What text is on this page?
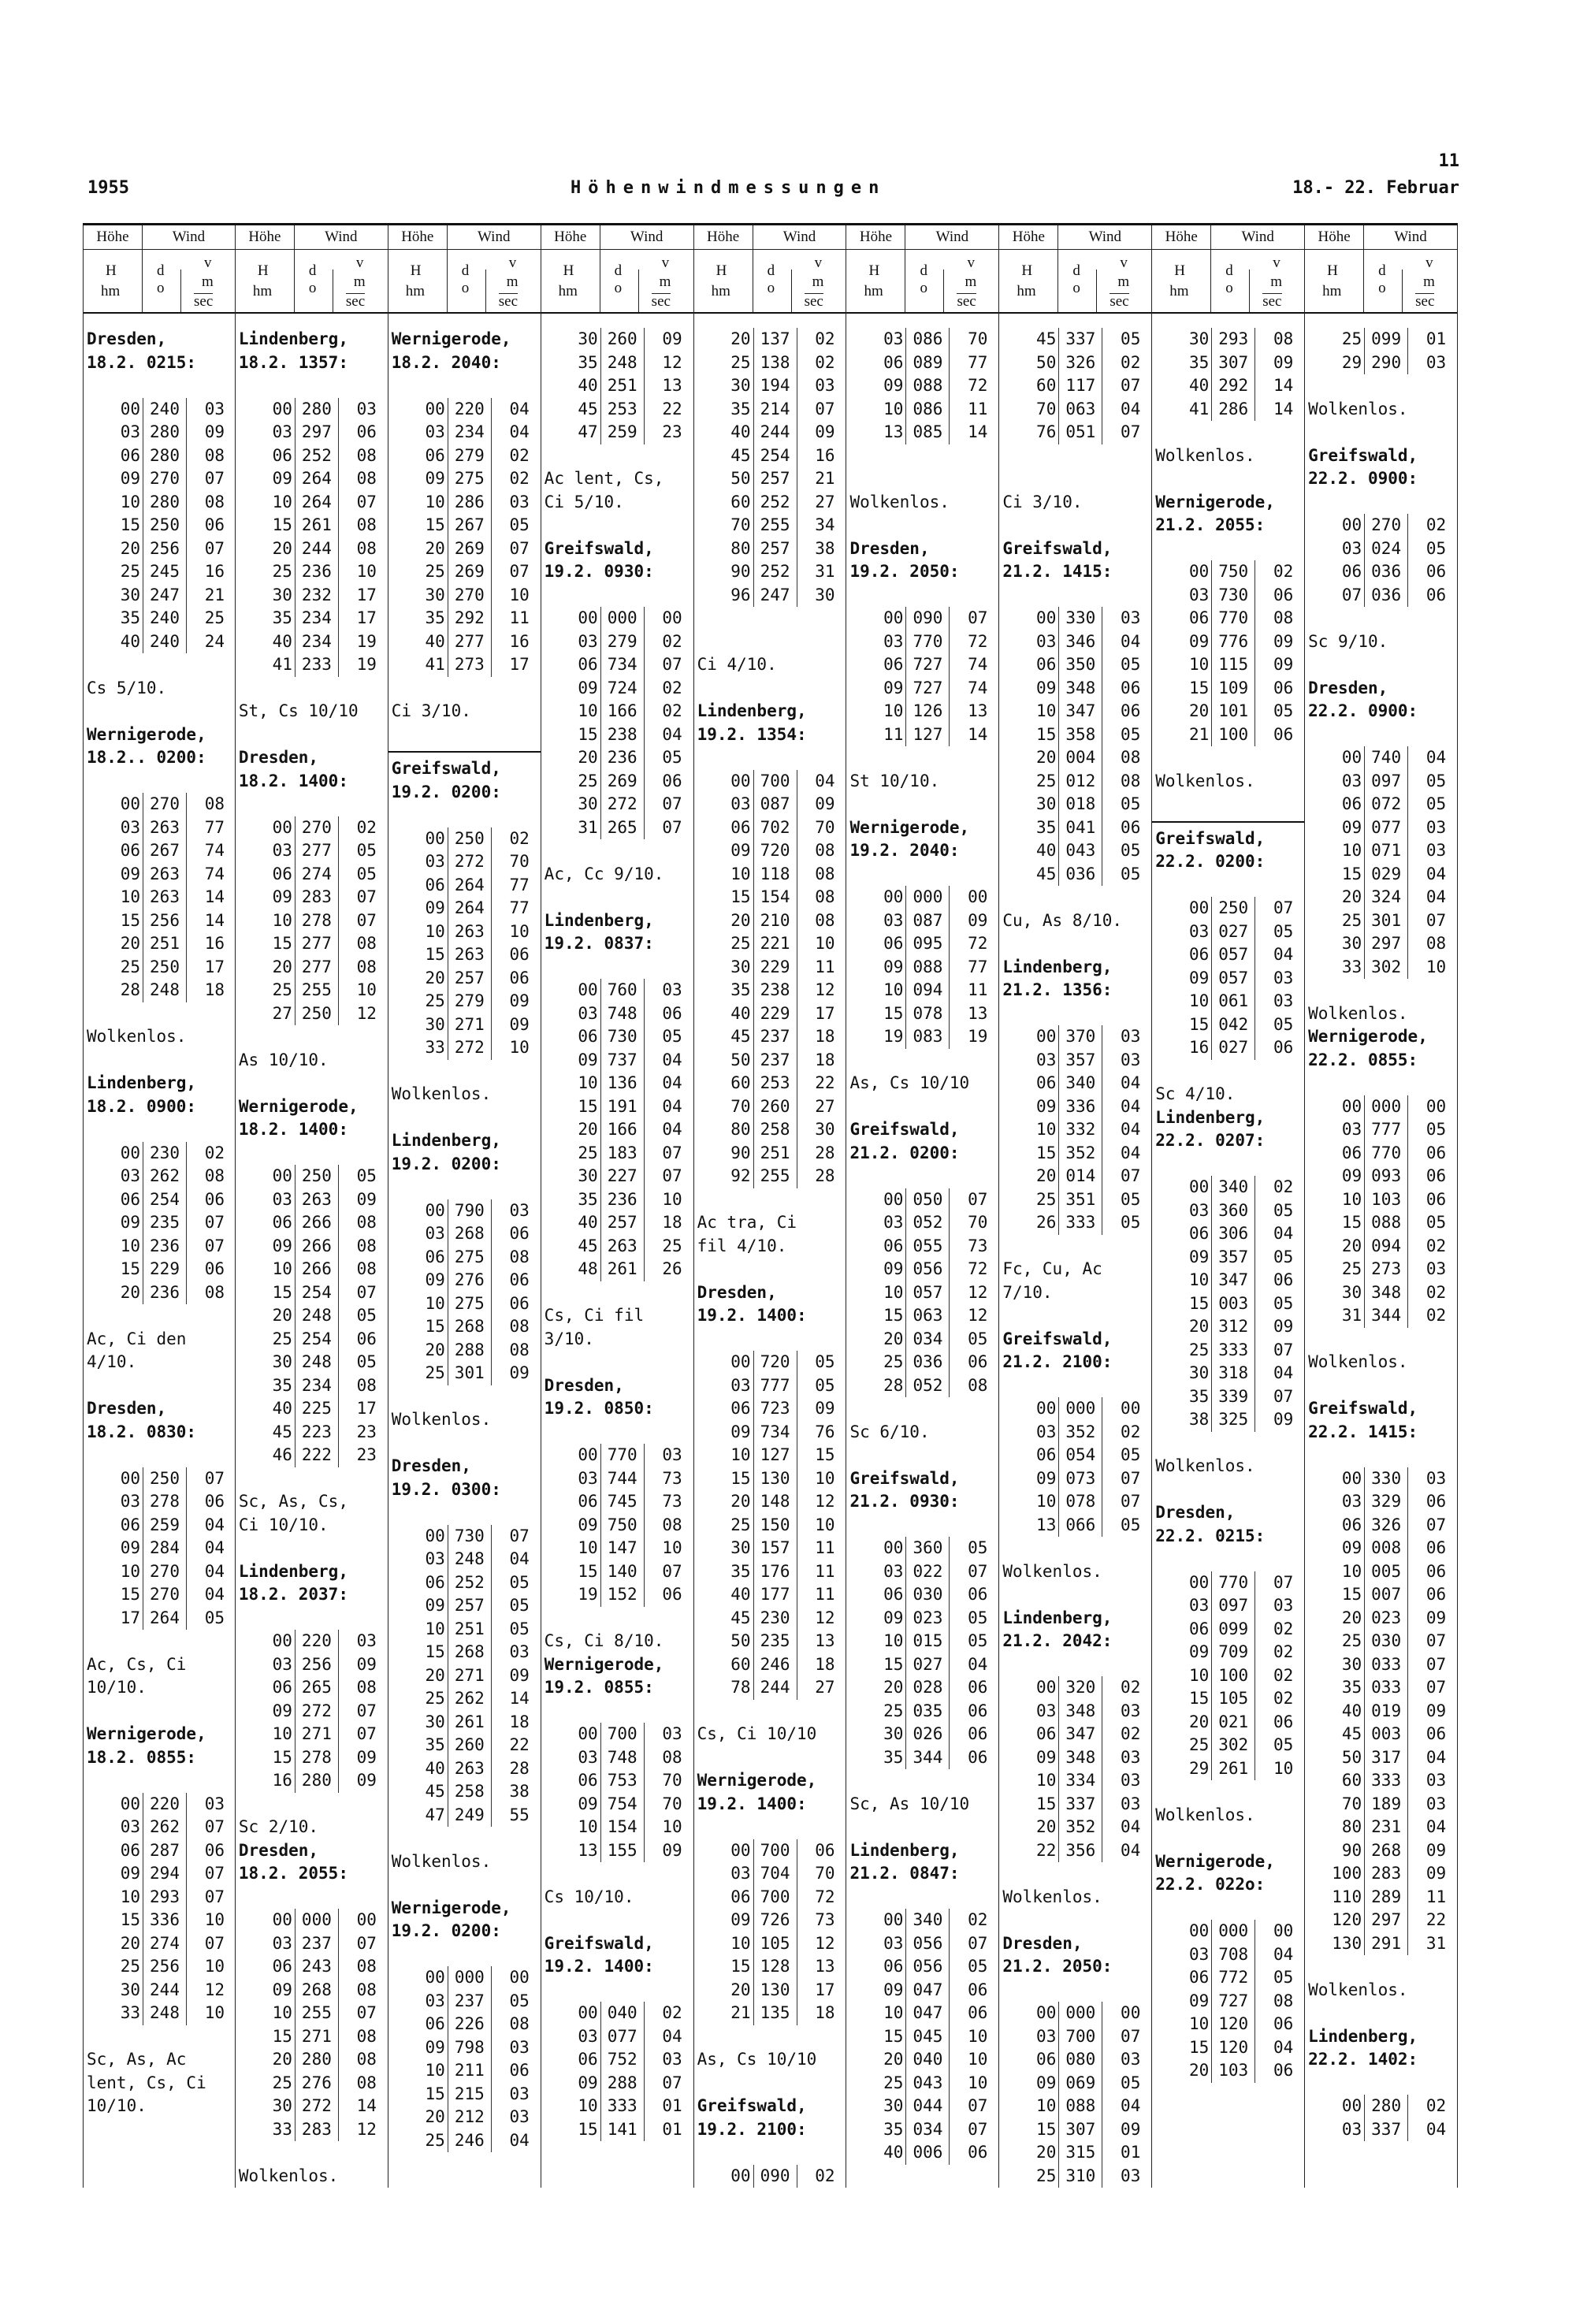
11
1955	Höhenwindmessungen	18.- 22. Februar
Höhe	Wind
H
hm
d
o
v
m
sec
Dresden,
18.2. 0215:
00 240	03
03 280	09
06 280	08
09 270	07
10 280	08
15 250	06
20 256	07
25 245	16
30 247	21
35 240	25
40 240	24
Cs 5/10.
Wernigerode,
18.2.. 0200:
00 270	08
03 263	77
06 267	74
09 263	74
10 263	14
15 256	14
20 251	16
25 250	17
28 248	18
Wolkenlos.
Lindenberg,
18.2. 0900:
00 230	02
03 262	08
06 254	06
09 235	07
10 236	07
15 229	06
20 236	08
Ac, Ci den
4/10.
Dresden,
18.2. 0830:
00 250	07
03 278	06
06 259	04
09 284	04
10 270	04
15 270	04
17 264	05
Ac, Cs, Ci
10/10.
Wernigerode,
18.2. 0855:
00 220	03
03 262	07
06 287	06
09 294	07
10 293	07
15 336	10
20 274	07
25 256	10
30 244	12
33 248	10
Sc, As, Ac
lent, Cs, Ci
10/10.
Höhe	Wind
H
hm
d
o
v
m
sec
Lindenberg,
18.2. 1357:
00 280	03
03 297	06
06 252	08
09 264	08
10 264	07
15 261	08
20 244	08
25 236	10
30 232	17
35 234	17
40 234	19
41 233	19
St, Cs 10/10
Dresden,
18.2. 1400:
00 270	02
03 277	05
06 274	05
09 283	07
10 278	07
15 277	08
20 277	08
25 255	10
27 250	12
As 10/10.
Wernigerode,
18.2. 1400:
00 250	05
03 263	09
06 266	08
09 266	08
10 266	08
15 254	07
20 248	05
25 254	06
30 248	05
35 234	08
40 225	17
45 223	23
46 222	23
Sc, As, Cs,
Ci 10/10.
Lindenberg,
18.2. 2037:
00 220	03
03 256	09
06 265	08
09 272	07
10 271	07
15 278	09
16 280	09
Sc 2/10.
Dresden,
18.2. 2055:
00 000	00
03 237	07
06 243	08
09 268	08
10 255	07
15 271	08
20 280	08
25 276	08
30 272	14
33 283	12
Wolkenlos.
Höhe	Wind
H
hm
d
o
v
m
sec
Wernigerode,
18.2. 2040:
00 220	04
03 234	04
06 279	02
09 275	02
10 286	03
15 267	05
20 269	07
25 269	07
30 270	10
35 292	11
40 277	16
41 273	17
Ci 3/10.
Greifswald,
19.2. 0200:
00 250	02
03 272	70
06 264	77
09 264	77
10 263	10
15 263	06
20 257	06
25 279	09
30 271	09
33 272	10
Wolkenlos.
Lindenberg,
19.2. 0200:
00 790	03
03 268	06
06 275	08
09 276	06
10 275	06
15 268	08
20 288	08
25 301	09
Wolkenlos.
Dresden,
19.2. 0300:
00 730	07
03 248	04
06 252	05
09 257	05
10 251	05
15 268	03
20 271	09
25 262	14
30 261	18
35 260	22
40 263	28
45 258	38
47 249	55
Wolkenlos.
Wernigerode,
19.2. 0200:
00 000	00
03 237	05
06 226	08
09 798	03
10 211	06
15 215	03
20 212	03
25 246	04
Höhe	Wind
H
hm
d
o
v
m
sec
30 260	09
35 248	12
40 251	13
45 253	22
47 259	23
Ac lent, Cs,
Ci 5/10.
Greifswald,
19.2. 0930:
00 000	00
03 279	02
06 734	07
09 724	02
10 166	02
15 238	04
20 236	05
25 269	06
30 272	07
31 265	07
Ac, Cc 9/10.
Lindenberg,
19.2. 0837:
00 760	03
03 748	06
06 730	05
09 737	04
10 136	04
15 191	04
20 166	04
25 183	07
30 227	07
35 236	10
40 257	18
45 263	25
48 261	26
Cs, Ci fil
3/10.
Dresden,
19.2. 0850:
00 770	03
03 744	73
06 745	73
09 750	08
10 147	10
15 140	07
19 152	06
Cs, Ci 8/10.
Wernigerode,
19.2. 0855:
00 700	03
03 748	08
06 753	70
09 754	70
10 154	10
13 155	09
Cs 10/10.
Greifswald,
19.2. 1400:
00 040	02
03 077	04
06 752	03
09 288	07
10 333	01
15 141	01
Höhe	Wind
H
hm
d
o
v
m
sec
20 137	02
25 138	02
30 194	03
35 214	07
40 244	09
45 254	16
50 257	21
60 252	27
70 255	34
80 257	38
90 252	31
96 247	30
Ci 4/10.
Lindenberg,
19.2. 1354:
00 700	04
03 087	09
06 702	70
09 720	08
10 118	08
15 154	08
20 210	08
25 221	10
30 229	11
35 238	12
40 229	17
45 237	18
50 237	18
60 253	22
70 260	27
80 258	30
90 251	28
92 255	28
Ac tra, Ci
fil 4/10.
Dresden,
19.2. 1400:
00 720	05
03 777	05
06 723	09
09 734	76
10 127	15
15 130	10
20 148	12
25 150	10
30 157	11
35 176	11
40 177	11
45 230	12
50 235	13
60 246	18
78 244	27
Cs, Ci 10/10
Wernigerode,
19.2. 1400:
00 700	06
03 704	70
06 700	72
09 726	73
10 105	12
15 128	13
20 130	17
21 135	18
As, Cs 10/10
Greifswald,
19.2. 2100:
00 090	02
Höhe	Wind
H
hm
d
o
v
m
sec
03 086	70
06 089	77
09 088	72
10 086	11
13 085	14
Wolkenlos.
Dresden,
19.2. 2050:
00 090	07
03 770	72
06 727	74
09 727	74
10 126	13
11 127	14
St 10/10.
Wernigerode,
19.2. 2040:
00 000	00
03 087	09
06 095	72
09 088	77
10 094	11
15 078	13
19 083	19
As, Cs 10/10
Greifswald,
21.2. 0200:
00 050	07
03 052	70
06 055	73
09 056	72
10 057	12
15 063	12
20 034	05
25 036	06
28 052	08
Sc 6/10.
Greifswald,
21.2. 0930:
00 360	05
03 022	07
06 030	06
09 023	05
10 015	05
15 027	04
20 028	06
25 035	06
30 026	06
35 344	06
Sc, As 10/10
Lindenberg,
21.2. 0847:
00 340	02
03 056	07
06 056	05
09 047	06
10 047	06
15 045	10
20 040	10
25 043	10
30 044	07
35 034	07
40 006	06
Höhe	Wind
H
hm
d
o
v
m
sec
45 337	05
50 326	02
60 117	07
70 063	04
76 051	07
Ci 3/10.
Greifswald,
21.2. 1415:
00 330	03
03 346	04
06 350	05
09 348	06
10 347	06
15 358	05
20 004	08
25 012	08
30 018	05
35 041	06
40 043	05
45 036	05
Cu, As 8/10.
Lindenberg,
21.2. 1356:
00 370	03
03 357	03
06 340	04
09 336	04
10 332	04
15 352	04
20 014	07
25 351	05
26 333	05
Fc, Cu, Ac
7/10.
Greifswald,
21.2. 2100:
00 000	00
03 352	02
06 054	05
09 073	07
10 078	07
13 066	05
Wolkenlos.
Lindenberg,
21.2. 2042:
00 320	02
03 348	03
06 347	02
09 348	03
10 334	03
15 337	03
20 352	04
22 356	04
Wolkenlos.
Dresden,
21.2. 2050:
00 000	00
03 700	07
06 080	03
09 069	05
10 088	04
15 307	09
20 315	01
25 310	03
Höhe	Wind
H
hm
d
o
v
m
sec
30 293	08
35 307	09
40 292	14
41 286	14
Wolkenlos.
Wernigerode,
21.2. 2055:
00 750	02
03 730	06
06 770	08
09 776	09
10 115	09
15 109	06
20 101	05
21 100	06
Wolkenlos.
Greifswald,
22.2. 0200:
00 250	07
03 027	05
06 057	04
09 057	03
10 061	03
15 042	05
16 027	06
Sc 4/10.
Lindenberg,
22.2. 0207:
00 340	02
03 360	05
06 306	04
09 357	05
10 347	06
15 003	05
20 312	09
25 333	07
30 318	04
35 339	07
38 325	09
Wolkenlos.
Dresden,
22.2. 0215:
00 770	07
03 097	03
06 099	02
09 709	02
10 100	02
15 105	02
20 021	06
25 302	05
29 261	10
Wolkenlos.
Wernigerode,
22.2. 022o:
00 000	00
03 708	04
06 772	05
09 727	08
10 120	06
15 120	04
20 103	06
Höhe	Wind
H
hm
d
o
v
m
sec
25 099	01
29 290	03
Wolkenlos.
Greifswald,
22.2. 0900:
00 270	02
03 024	05
06 036	06
07 036	06
Sc 9/10.
Dresden,
22.2. 0900:
00 740	04
03 097	05
06 072	05
09 077	03
10 071	03
15 029	04
20 324	04
25 301	07
30 297	08
33 302	10
Wolkenlos.
Wernigerode,
22.2. 0855:
00 000	00
03 777	05
06 770	06
09 093	06
10 103	06
15 088	05
20 094	02
25 273	03
30 348	02
31 344	02
Wolkenlos.
Greifswald,
22.2. 1415:
00 330	03
03 329	06
06 326	07
09 008	06
10 005	06
15 007	06
20 023	09
25 030	07
30 033	07
35 033	07
40 019	09
45 003	06
50 317	04
60 333	03
70 189	03
80 231	04
90 268	09
100 283	09
110 289	11
120 297	22
130 291	31
Wolkenlos.
Lindenberg,
22.2. 1402:
00 280	02
03 337	04
